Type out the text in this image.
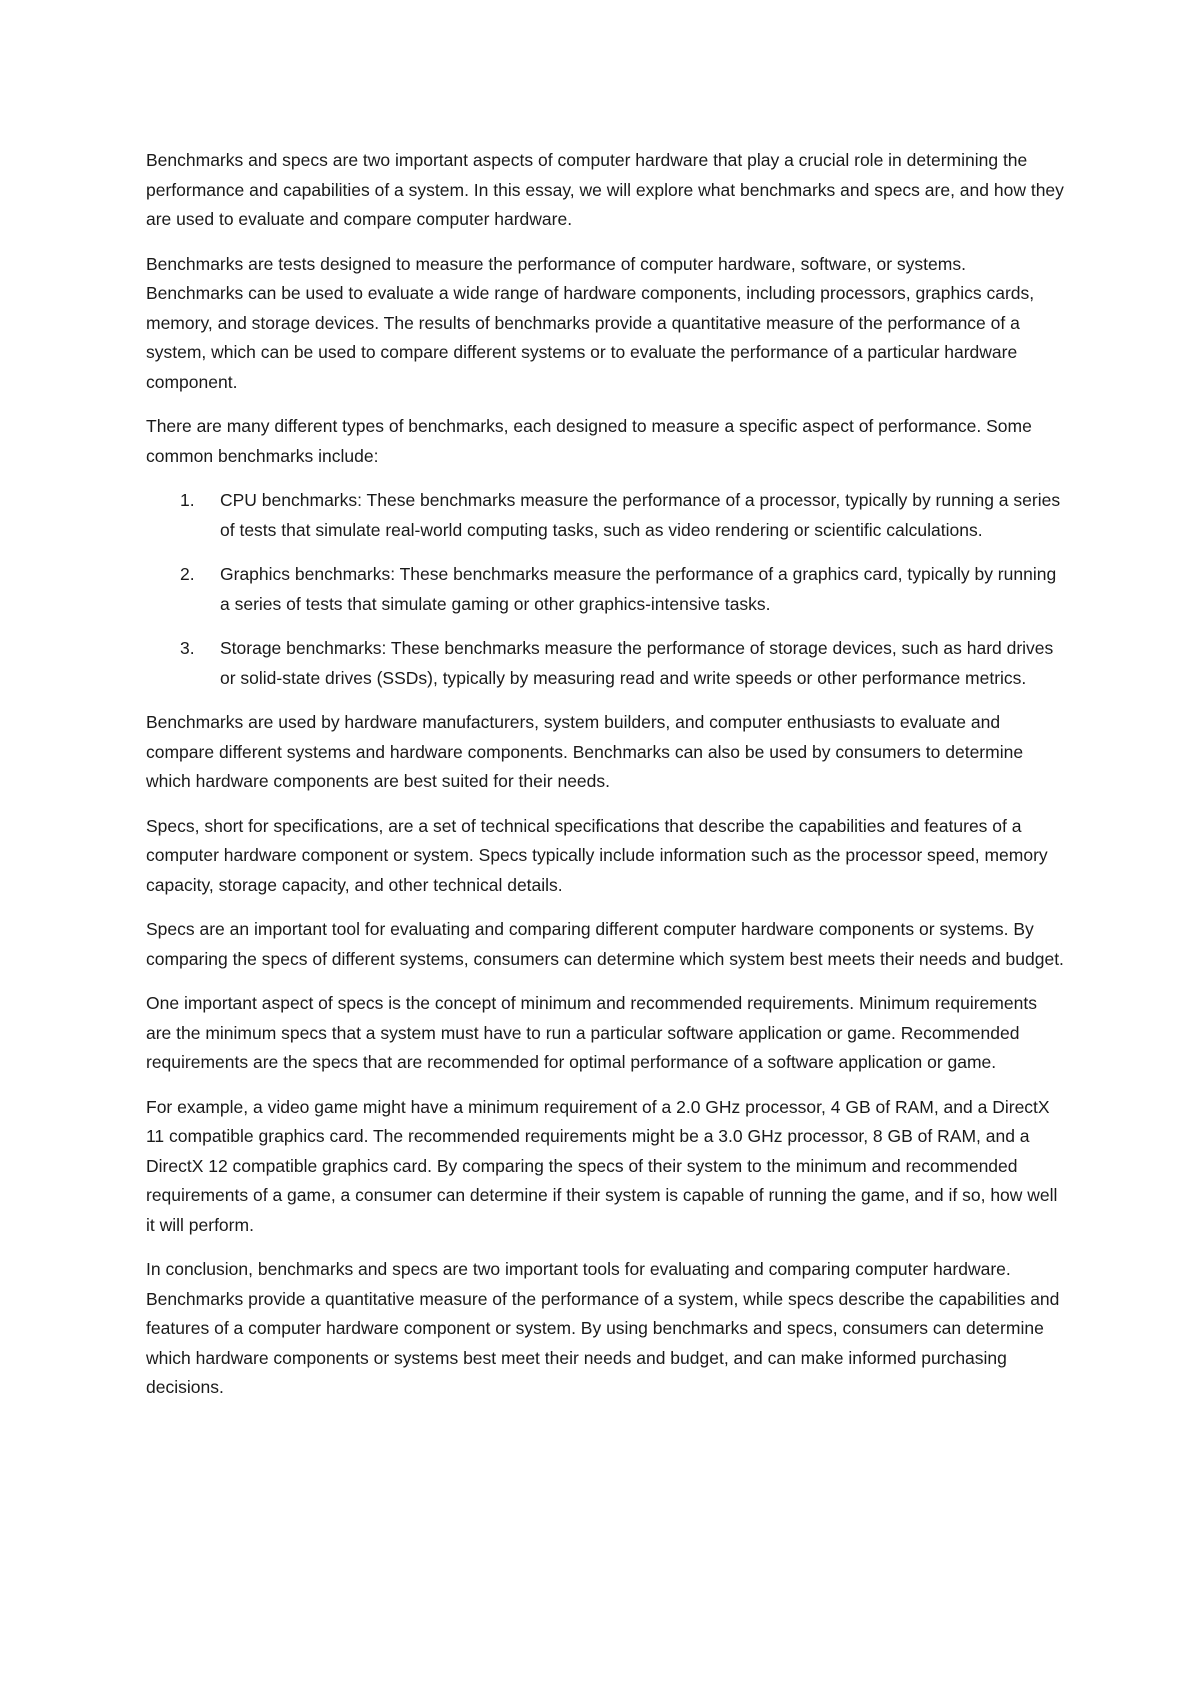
Benchmarks and specs are two important aspects of computer hardware that play a crucial role in determining the performance and capabilities of a system. In this essay, we will explore what benchmarks and specs are, and how they are used to evaluate and compare computer hardware.

Benchmarks are tests designed to measure the performance of computer hardware, software, or systems. Benchmarks can be used to evaluate a wide range of hardware components, including processors, graphics cards, memory, and storage devices. The results of benchmarks provide a quantitative measure of the performance of a system, which can be used to compare different systems or to evaluate the performance of a particular hardware component.

There are many different types of benchmarks, each designed to measure a specific aspect of performance. Some common benchmarks include:

1. CPU benchmarks: These benchmarks measure the performance of a processor, typically by running a series of tests that simulate real-world computing tasks, such as video rendering or scientific calculations.
2. Graphics benchmarks: These benchmarks measure the performance of a graphics card, typically by running a series of tests that simulate gaming or other graphics-intensive tasks.
3. Storage benchmarks: These benchmarks measure the performance of storage devices, such as hard drives or solid-state drives (SSDs), typically by measuring read and write speeds or other performance metrics.

Benchmarks are used by hardware manufacturers, system builders, and computer enthusiasts to evaluate and compare different systems and hardware components. Benchmarks can also be used by consumers to determine which hardware components are best suited for their needs.

Specs, short for specifications, are a set of technical specifications that describe the capabilities and features of a computer hardware component or system. Specs typically include information such as the processor speed, memory capacity, storage capacity, and other technical details.

Specs are an important tool for evaluating and comparing different computer hardware components or systems. By comparing the specs of different systems, consumers can determine which system best meets their needs and budget.

One important aspect of specs is the concept of minimum and recommended requirements. Minimum requirements are the minimum specs that a system must have to run a particular software application or game. Recommended requirements are the specs that are recommended for optimal performance of a software application or game.

For example, a video game might have a minimum requirement of a 2.0 GHz processor, 4 GB of RAM, and a DirectX 11 compatible graphics card. The recommended requirements might be a 3.0 GHz processor, 8 GB of RAM, and a DirectX 12 compatible graphics card. By comparing the specs of their system to the minimum and recommended requirements of a game, a consumer can determine if their system is capable of running the game, and if so, how well it will perform.

In conclusion, benchmarks and specs are two important tools for evaluating and comparing computer hardware. Benchmarks provide a quantitative measure of the performance of a system, while specs describe the capabilities and features of a computer hardware component or system. By using benchmarks and specs, consumers can determine which hardware components or systems best meet their needs and budget, and can make informed purchasing decisions.
